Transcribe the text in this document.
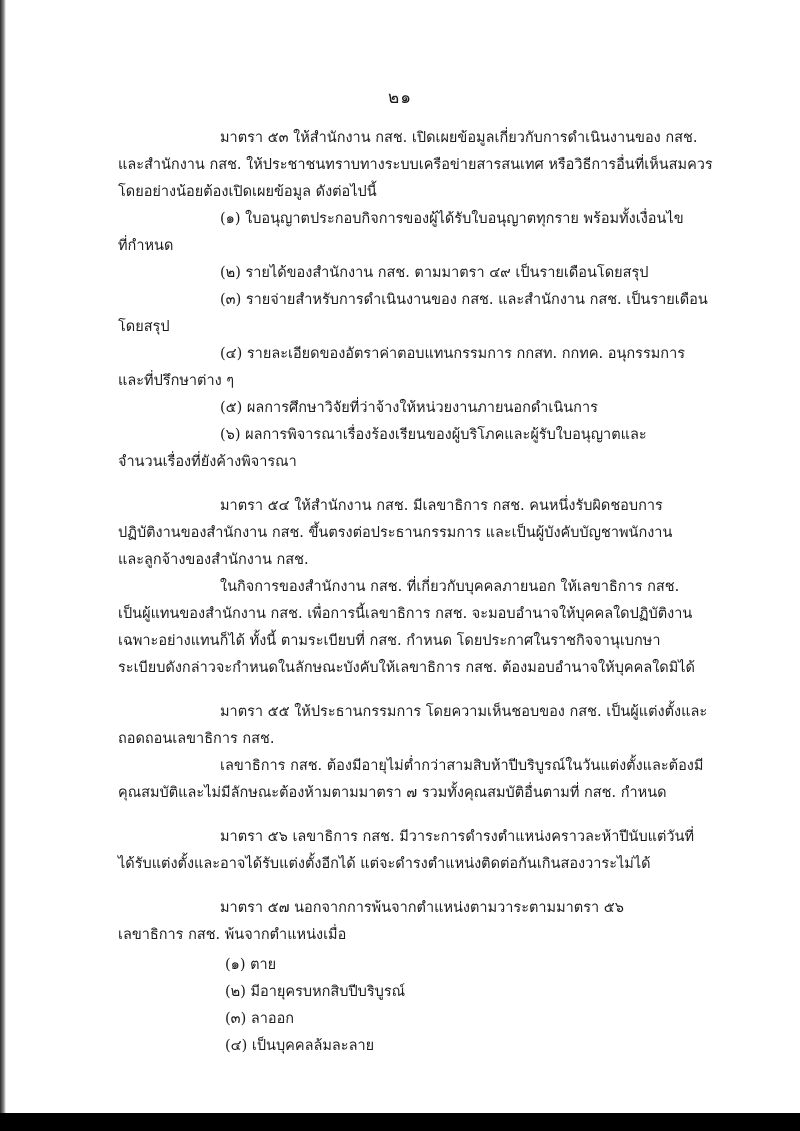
๒๑
มาตรา ๕๓ ให้สำนักงาน กสช. เปิดเผยข้อมูลเกี่ยวกับการดำเนินงานของ กสช.
และสำนักงาน กสช. ให้ประชาชนทราบทางระบบเครือข่ายสารสนเทศ หรือวิธีการอื่นที่เห็นสมควร
โดยอย่างน้อยต้องเปิดเผยข้อมูล ดังต่อไปนี้
(๑) ใบอนุญาตประกอบกิจการของผู้ได้รับใบอนุญาตทุกราย พร้อมทั้งเงื่อนไข
ที่กำหนด
(๒) รายได้ของสำนักงาน กสช. ตามมาตรา ๔๙ เป็นรายเดือนโดยสรุป
(๓) รายจ่ายสำหรับการดำเนินงานของ กสช. และสำนักงาน กสช. เป็นรายเดือน
โดยสรุป
(๔) รายละเอียดของอัตราค่าตอบแทนกรรมการ กกสท. กกทค. อนุกรรมการ
และที่ปรึกษาต่าง ๆ
(๕) ผลการศึกษาวิจัยที่ว่าจ้างให้หน่วยงานภายนอกดำเนินการ
(๖) ผลการพิจารณาเรื่องร้องเรียนของผู้บริโภคและผู้รับใบอนุญาตและ
จำนวนเรื่องที่ยังค้างพิจารณา
มาตรา ๕๔ ให้สำนักงาน กสช. มีเลขาธิการ กสช. คนหนึ่งรับผิดชอบการ
ปฏิบัติงานของสำนักงาน กสช. ขึ้นตรงต่อประธานกรรมการ และเป็นผู้บังคับบัญชาพนักงาน
และลูกจ้างของสำนักงาน กสช.
ในกิจการของสำนักงาน กสช. ที่เกี่ยวกับบุคคลภายนอก ให้เลขาธิการ กสช.
เป็นผู้แทนของสำนักงาน กสช. เพื่อการนี้เลขาธิการ กสช. จะมอบอำนาจให้บุคคลใดปฏิบัติงาน
เฉพาะอย่างแทนก็ได้ ทั้งนี้ ตามระเบียบที่ กสช. กำหนด โดยประกาศในราชกิจจานุเบกษา
ระเบียบดังกล่าวจะกำหนดในลักษณะบังคับให้เลขาธิการ กสช. ต้องมอบอำนาจให้บุคคลใดมิได้
มาตรา ๕๕ ให้ประธานกรรมการ โดยความเห็นชอบของ กสช. เป็นผู้แต่งตั้งและ
ถอดถอนเลขาธิการ กสช.
เลขาธิการ กสช. ต้องมีอายุไม่ต่ำกว่าสามสิบห้าปีบริบูรณ์ในวันแต่งตั้งและต้องมี
คุณสมบัติและไม่มีลักษณะต้องห้ามตามมาตรา ๗ รวมทั้งคุณสมบัติอื่นตามที่ กสช. กำหนด
มาตรา ๕๖ เลขาธิการ กสช. มีวาระการดำรงตำแหน่งคราวละห้าปีนับแต่วันที่
ได้รับแต่งตั้งและอาจได้รับแต่งตั้งอีกได้ แต่จะดำรงตำแหน่งติดต่อกันเกินสองวาระไม่ได้
มาตรา ๕๗ นอกจากการพ้นจากตำแหน่งตามวาระตามมาตรา ๕๖
เลขาธิการ กสช. พ้นจากตำแหน่งเมื่อ
(๑) ตาย
(๒) มีอายุครบหกสิบปีบริบูรณ์
(๓) ลาออก
(๔) เป็นบุคคลล้มละลาย
